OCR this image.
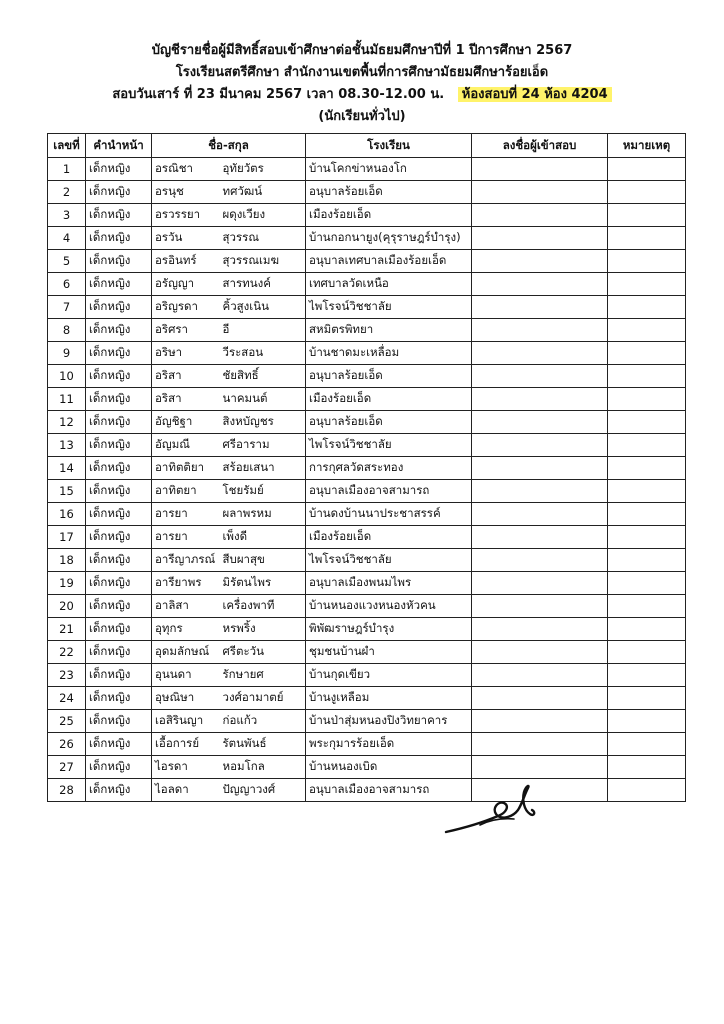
บัญชีรายชื่อผู้มีสิทธิ์สอบเข้าศึกษาต่อชั้นมัธยมศึกษาปีที่ 1 ปีการศึกษา 2567
โรงเรียนสตรีศึกษา สำนักงานเขตพื้นที่การศึกษามัธยมศึกษาร้อยเอ็ด
สอบวันเสาร์ ที่ 23 มีนาคม 2567 เวลา 08.30-12.00 น. ห้องสอบที่ 24 ห้อง 4204
(นักเรียนทั่วไป)
เลขที่	คำนำหน้า	ชื่อ-สกุล		โรงเรียน	ลงชื่อผู้เข้าสอบ	หมายเหตุ
1	เด็กหญิง	อรณิชา	อุทัยวัตร	บ้านโคกข่าหนองโก		
2	เด็กหญิง	อรนุช	ทศวัฒน์	อนุบาลร้อยเอ็ด		
3	เด็กหญิง	อรวรรยา	ผดุงเวียง	เมืองร้อยเอ็ด		
4	เด็กหญิง	อรวัน	สุวรรณ	บ้านกอกนายูง(คุรุราษฎร์บำรุง)		
5	เด็กหญิง	อรอินทร์	สุวรรณเมฆ	อนุบาลเทศบาลเมืองร้อยเอ็ด		
6	เด็กหญิง	อรัญญา	สารทนงค์	เทศบาลวัดเหนือ		
7	เด็กหญิง	อริญรดา	คิ้วสูงเนิน	ไพโรจน์วิชชาลัย		
8	เด็กหญิง	อริศรา	อี	สหมิตรพิทยา		
9	เด็กหญิง	อริษา	วีระสอน	บ้านชาดมะเหลื่อม		
10	เด็กหญิง	อริสา	ชัยสิทธิ์	อนุบาลร้อยเอ็ด		
11	เด็กหญิง	อริสา	นาคมนต์	เมืองร้อยเอ็ด		
12	เด็กหญิง	อัญชิฐา	สิงหบัญชร	อนุบาลร้อยเอ็ด		
13	เด็กหญิง	อัญมณี	ศรีอาราม	ไพโรจน์วิชชาลัย		
14	เด็กหญิง	อาทิตติยา	สร้อยเสนา	การกุศลวัดสระทอง		
15	เด็กหญิง	อาทิตยา	โชยรัมย์	อนุบาลเมืองอาจสามารถ		
16	เด็กหญิง	อารยา	ผลาพรหม	บ้านดงบ้านนาประชาสรรค์		
17	เด็กหญิง	อารยา	เพ็งดี	เมืองร้อยเอ็ด		
18	เด็กหญิง	อารีญาภรณ์	สีบผาสุข	ไพโรจน์วิชชาลัย		
19	เด็กหญิง	อารียาพร	มิรัตนไพร	อนุบาลเมืองพนมไพร		
20	เด็กหญิง	อาลิสา	เครื่องพาที	บ้านหนองแวงหนองหัวคน		
21	เด็กหญิง	อุทุกร	หรพริ้ง	พิพัฒราษฎร์บำรุง		
22	เด็กหญิง	อุดมลักษณ์	ศรีตะวัน	ชุมชนบ้านผำ		
23	เด็กหญิง	อุนนดา	รักษายศ	บ้านกุดเขียว		
24	เด็กหญิง	อุษณิษา	วงศ์อามาตย์	บ้านงูเหลือม		
25	เด็กหญิง	เอสิรินญา	ก่อแก้ว	บ้านป่าสุ่มหนองปิงวิทยาคาร		
26	เด็กหญิง	เอื้อการย์	รัตนพันธ์	พระกุมารร้อยเอ็ด		
27	เด็กหญิง	ไอรดา	หอมโกล	บ้านหนองเบิด		
28	เด็กหญิง	ไอลดา	ปัญญาวงศ์	อนุบาลเมืองอาจสามารถ		
